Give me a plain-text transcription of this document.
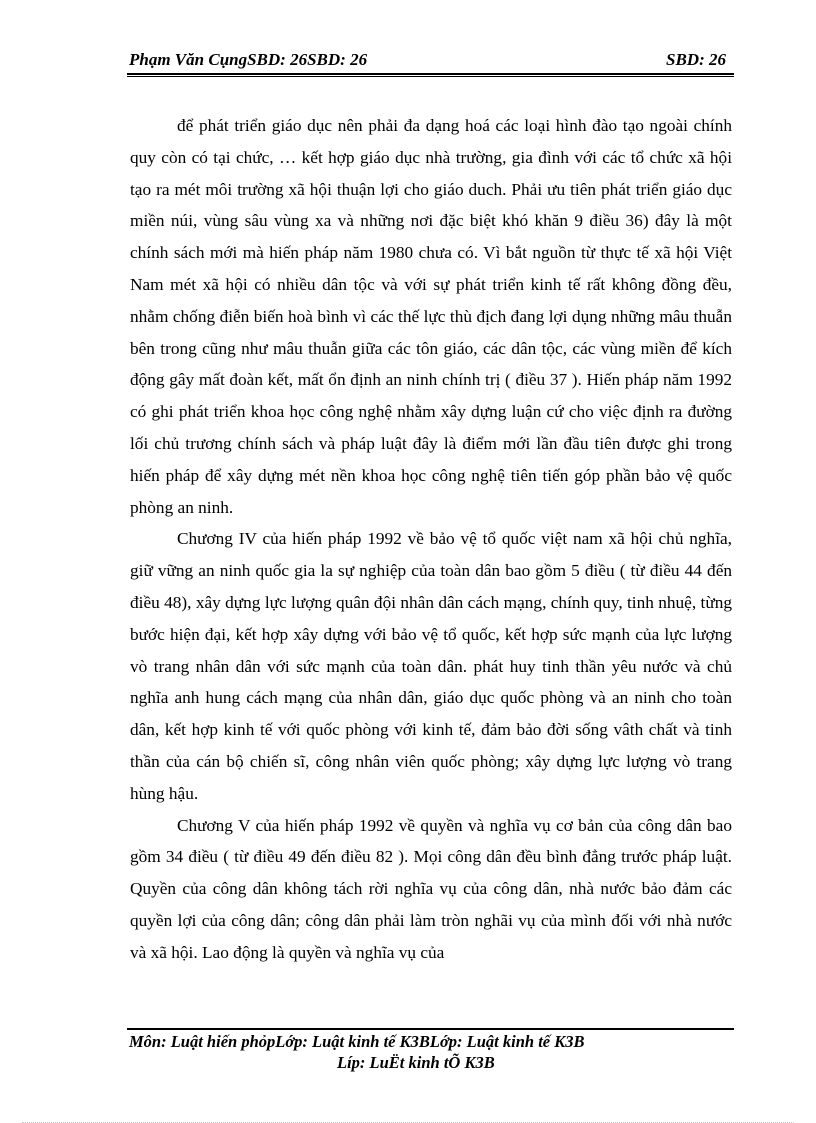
Phạm Văn CụngSBD: 26SBD: 26	SBD: 26

để phát triển giáo dục nên phải đa dạng hoá các loại hình đào tạo ngoài chính quy còn có tại chức, … kết hợp giáo dục nhà trường, gia đình với các tổ chức xã hội tạo ra mét môi trường xã hội thuận lợi cho giáo duch. Phải ưu tiên phát triển giáo dục miền núi, vùng sâu vùng xa và những nơi đặc biệt khó khăn 9 điều 36) đây là một chính sách mới mà hiến pháp năm 1980 chưa có. Vì bắt nguồn từ thực tế xã hội Việt Nam mét xã hội có nhiều dân tộc và với sự phát triển kinh tế rất không đồng đều, nhằm chống điễn biến hoà bình vì các thế lực thù địch đang lợi dụng những mâu thuẫn bên trong cũng như mâu thuẫn giữa các tôn giáo, các dân tộc, các vùng miền để kích động gây mất đoàn kết, mất ổn định an ninh chính trị ( điều 37 ). Hiến pháp năm 1992 có ghi phát triển khoa học công nghệ nhằm xây dựng luận cứ cho việc định ra đường lối chủ trương chính sách và pháp luật đây là điểm mới lần đầu tiên được ghi trong hiến pháp để xây dựng mét nền khoa học công nghệ tiên tiến góp phần bảo vệ quốc phòng an ninh.

Chương IV của hiến pháp 1992 về bảo vệ tổ quốc việt nam xã hội chủ nghĩa, giữ vững an ninh quốc gia la sự nghiệp của toàn dân bao gồm 5 điều ( từ điều 44 đến điều 48), xây dựng lực lượng quân đội nhân dân cách mạng, chính quy, tinh nhuệ, từng bước hiện đại, kết hợp xây dựng với bảo vệ tổ quốc, kết hợp sức mạnh của lực lượng vò trang nhân dân với sức mạnh của toàn dân. phát huy tinh thần yêu nước và chủ nghĩa anh hung cách mạng của nhân dân, giáo dục quốc phòng và an ninh cho toàn dân, kết hợp kinh tế với quốc phòng với kinh tế, đảm bảo đời sống vâth chất và tinh thần của cán bộ chiến sĩ, công nhân viên quốc phòng; xây dựng lực lượng vò trang hùng hậu.

Chương V của hiến pháp 1992 về quyền và nghĩa vụ cơ bản của công dân bao gồm 34 điều ( từ điều 49 đến điều 82 ). Mọi công dân đều bình đẳng trước pháp luật. Quyền của công dân không tách rời nghĩa vụ của công dân, nhà nước bảo đảm các quyền lợi của công dân; công dân phải làm tròn nghãi vụ của mình đối với nhà nước và xã hội. Lao động là quyền và nghĩa vụ của

Môn: Luật hiến phỏpLớp: Luật kinh tế K3BLớp: Luật kinh tế K3B
Líp: LuËt kinh tÕ K3B
